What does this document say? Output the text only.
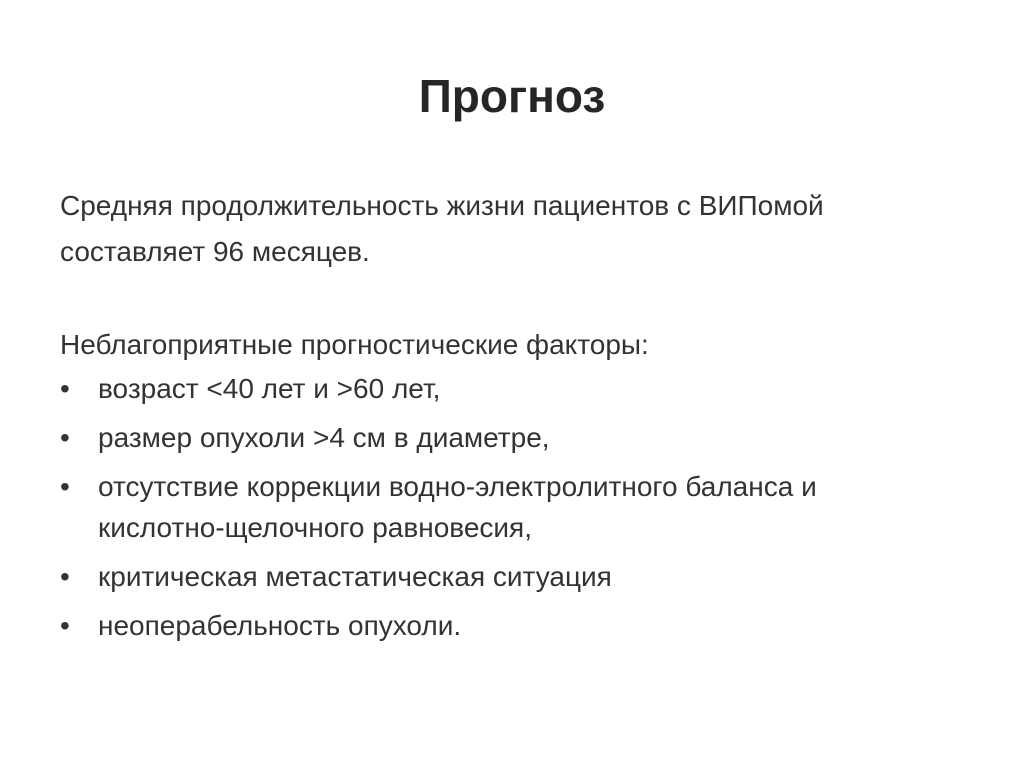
Прогноз

Средняя продолжительность жизни пациентов с ВИПомой
составляет 96 месяцев.

Неблагоприятные прогностические факторы:

•	возраст <40 лет и >60 лет,
•	размер опухоли >4 см в диаметре,
•	отсутствие коррекции водно-электролитного баланса и
кислотно-щелочного равновесия,
•	критическая метастатическая ситуация
•	неоперабельность опухоли.
